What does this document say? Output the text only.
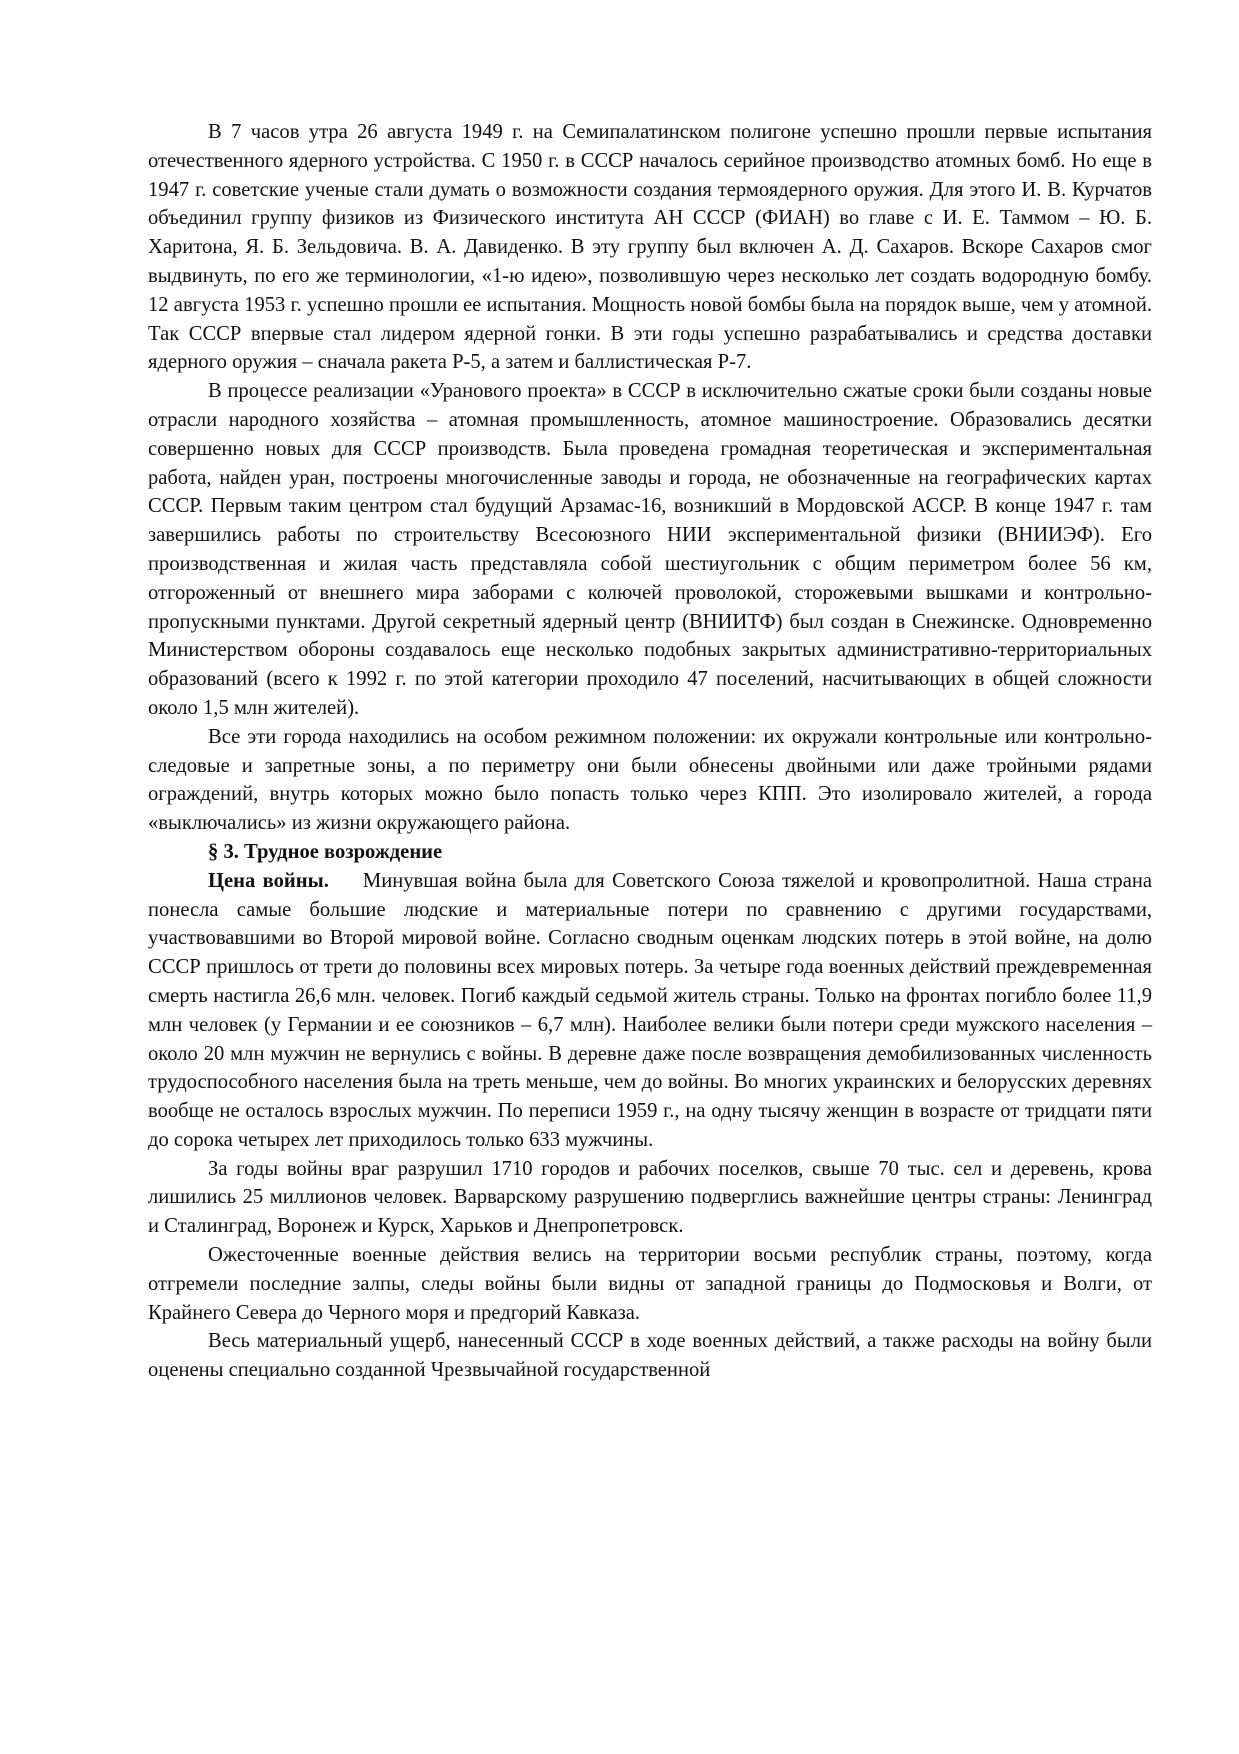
В 7 часов утра 26 августа 1949 г. на Семипалатинском полигоне успешно прошли первые испытания отечественного ядерного устройства. С 1950 г. в СССР началось серийное производство атомных бомб. Но еще в 1947 г. советские ученые стали думать о возможности создания термоядерного оружия. Для этого И. В. Курчатов объединил группу физиков из Физического института АН СССР (ФИАН) во главе с И. Е. Таммом – Ю. Б. Харитона, Я. Б. Зельдовича. В. А. Давиденко. В эту группу был включен А. Д. Сахаров. Вскоре Сахаров смог выдвинуть, по его же терминологии, «1-ю идею», позволившую через несколько лет создать водородную бомбу. 12 августа 1953 г. успешно прошли ее испытания. Мощность новой бомбы была на порядок выше, чем у атомной. Так СССР впервые стал лидером ядерной гонки. В эти годы успешно разрабатывались и средства доставки ядерного оружия – сначала ракета Р-5, а затем и баллистическая Р-7.

В процессе реализации «Уранового проекта» в СССР в исключительно сжатые сроки были созданы новые отрасли народного хозяйства – атомная промышленность, атомное машиностроение. Образовались десятки совершенно новых для СССР производств. Была проведена громадная теоретическая и экспериментальная работа, найден уран, построены многочисленные заводы и города, не обозначенные на географических картах СССР. Первым таким центром стал будущий Арзамас-16, возникший в Мордовской АССР. В конце 1947 г. там завершились работы по строительству Всесоюзного НИИ экспериментальной физики (ВНИИЭФ). Его производственная и жилая часть представляла собой шестиугольник с общим периметром более 56 км, отгороженный от внешнего мира заборами с колючей проволокой, сторожевыми вышками и контрольно-пропускными пунктами. Другой секретный ядерный центр (ВНИИТФ) был создан в Снежинске. Одновременно Министерством обороны создавалось еще несколько подобных закрытых административно-территориальных образований (всего к 1992 г. по этой категории проходило 47 поселений, насчитывающих в общей сложности около 1,5 млн жителей).

Все эти города находились на особом режимном положении: их окружали контрольные или контрольно-следовые и запретные зоны, а по периметру они были обнесены двойными или даже тройными рядами ограждений, внутрь которых можно было попасть только через КПП. Это изолировало жителей, а города «выключались» из жизни окружающего района.

§ 3. Трудное возрождение

Цена войны. Минувшая война была для Советского Союза тяжелой и кровопролитной. Наша страна понесла самые большие людские и материальные потери по сравнению с другими государствами, участвовавшими во Второй мировой войне. Согласно сводным оценкам людских потерь в этой войне, на долю СССР пришлось от трети до половины всех мировых потерь. За четыре года военных действий преждевременная смерть настигла 26,6 млн. человек. Погиб каждый седьмой житель страны. Только на фронтах погибло более 11,9 млн человек (у Германии и ее союзников – 6,7 млн). Наиболее велики были потери среди мужского населения – около 20 млн мужчин не вернулись с войны. В деревне даже после возвращения демобилизованных численность трудоспособного населения была на треть меньше, чем до войны. Во многих украинских и белорусских деревнях вообще не осталось взрослых мужчин. По переписи 1959 г., на одну тысячу женщин в возрасте от тридцати пяти до сорока четырех лет приходилось только 633 мужчины.

За годы войны враг разрушил 1710 городов и рабочих поселков, свыше 70 тыс. сел и деревень, крова лишились 25 миллионов человек. Варварскому разрушению подверглись важнейшие центры страны: Ленинград и Сталинград, Воронеж и Курск, Харьков и Днепропетровск.

Ожесточенные военные действия велись на территории восьми республик страны, поэтому, когда отгремели последние залпы, следы войны были видны от западной границы до Подмосковья и Волги, от Крайнего Севера до Черного моря и предгорий Кавказа.

Весь материальный ущерб, нанесенный СССР в ходе военных действий, а также расходы на войну были оценены специально созданной Чрезвычайной государственной
